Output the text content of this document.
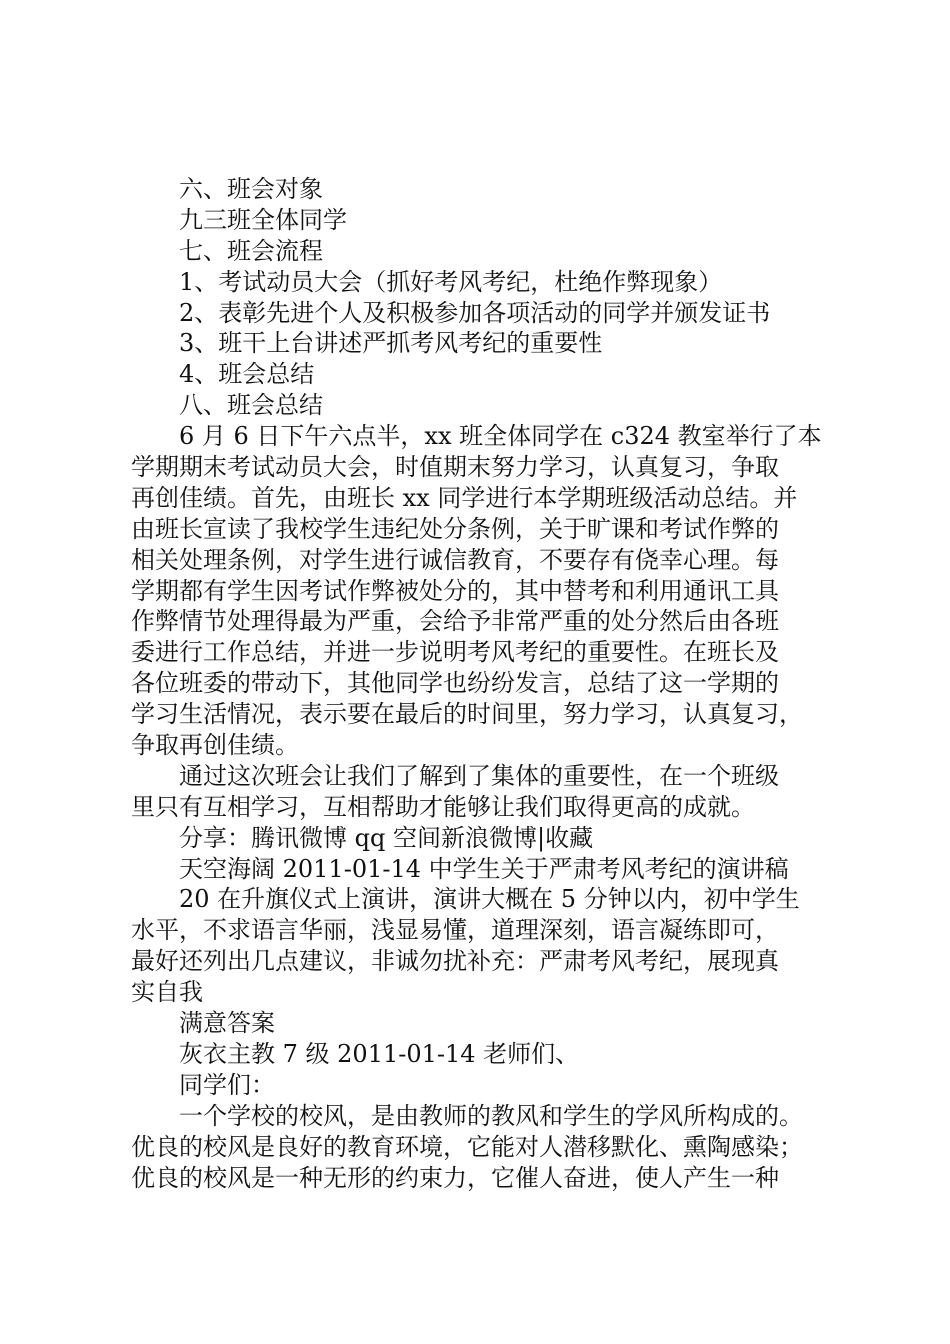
六、班会对象
九三班全体同学
七、班会流程
1、考试动员大会（抓好考风考纪，杜绝作弊现象）
2、表彰先进个人及积极参加各项活动的同学并颁发证书
3、班干上台讲述严抓考风考纪的重要性
4、班会总结
八、班会总结
6 月 6 日下午六点半，xx 班全体同学在 c324 教室举行了本
学期期末考试动员大会，时值期末努力学习，认真复习，争取
再创佳绩。首先，由班长 xx 同学进行本学期班级活动总结。并
由班长宣读了我校学生违纪处分条例，关于旷课和考试作弊的
相关处理条例，对学生进行诚信教育，不要存有侥幸心理。每
学期都有学生因考试作弊被处分的，其中替考和利用通讯工具
作弊情节处理得最为严重，会给予非常严重的处分然后由各班
委进行工作总结，并进一步说明考风考纪的重要性。在班长及
各位班委的带动下，其他同学也纷纷发言，总结了这一学期的
学习生活情况，表示要在最后的时间里，努力学习，认真复习，
争取再创佳绩。
通过这次班会让我们了解到了集体的重要性，在一个班级
里只有互相学习，互相帮助才能够让我们取得更高的成就。
分享：腾讯微博 qq 空间新浪微博|收藏
天空海阔 2011-01-14 中学生关于严肃考风考纪的演讲稿
20 在升旗仪式上演讲，演讲大概在 5 分钟以内，初中学生
水平，不求语言华丽，浅显易懂，道理深刻，语言凝练即可，
最好还列出几点建议，非诚勿扰补充：严肃考风考纪，展现真
实自我
满意答案
灰衣主教 7 级 2011-01-14 老师们、
同学们：
一个学校的校风，是由教师的教风和学生的学风所构成的。
优良的校风是良好的教育环境，它能对人潜移默化、熏陶感染；
优良的校风是一种无形的约束力，它催人奋进，使人产生一种
